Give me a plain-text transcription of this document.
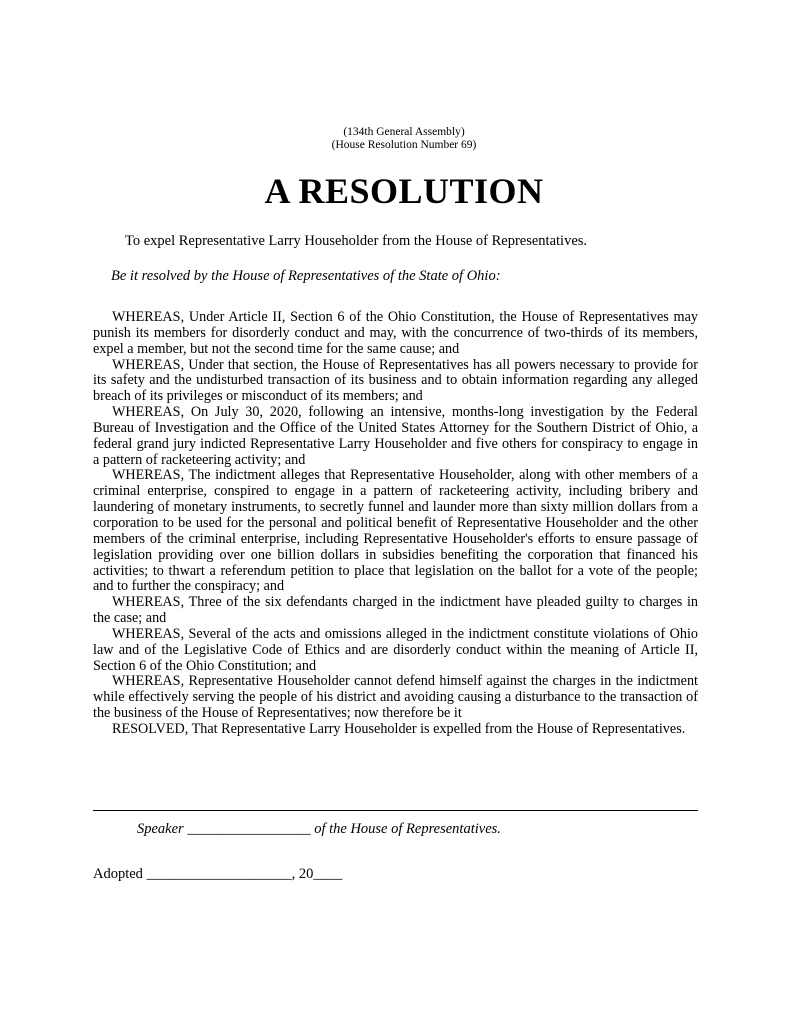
(134th General Assembly)
(House Resolution Number 69)
A RESOLUTION
To expel Representative Larry Householder from the House of Representatives.
Be it resolved by the House of Representatives of the State of Ohio:

WHEREAS, Under Article II, Section 6 of the Ohio Constitution, the House of Representatives may punish its members for disorderly conduct and may, with the concurrence of two-thirds of its members, expel a member, but not the second time for the same cause; and

WHEREAS, Under that section, the House of Representatives has all powers necessary to provide for its safety and the undisturbed transaction of its business and to obtain information regarding any alleged breach of its privileges or misconduct of its members; and

WHEREAS, On July 30, 2020, following an intensive, months-long investigation by the Federal Bureau of Investigation and the Office of the United States Attorney for the Southern District of Ohio, a federal grand jury indicted Representative Larry Householder and five others for conspiracy to engage in a pattern of racketeering activity; and

WHEREAS, The indictment alleges that Representative Householder, along with other members of a criminal enterprise, conspired to engage in a pattern of racketeering activity, including bribery and laundering of monetary instruments, to secretly funnel and launder more than sixty million dollars from a corporation to be used for the personal and political benefit of Representative Householder and the other members of the criminal enterprise, including Representative Householder's efforts to ensure passage of legislation providing over one billion dollars in subsidies benefiting the corporation that financed his activities; to thwart a referendum petition to place that legislation on the ballot for a vote of the people; and to further the conspiracy; and

WHEREAS, Three of the six defendants charged in the indictment have pleaded guilty to charges in the case; and

WHEREAS, Several of the acts and omissions alleged in the indictment constitute violations of Ohio law and of the Legislative Code of Ethics and are disorderly conduct within the meaning of Article II, Section 6 of the Ohio Constitution; and

WHEREAS, Representative Householder cannot defend himself against the charges in the indictment while effectively serving the people of his district and avoiding causing a disturbance to the transaction of the business of the House of Representatives; now therefore be it

RESOLVED, That Representative Larry Householder is expelled from the House of Representatives.

Speaker _________________ of the House of Representatives.
Adopted ____________________, 20____
